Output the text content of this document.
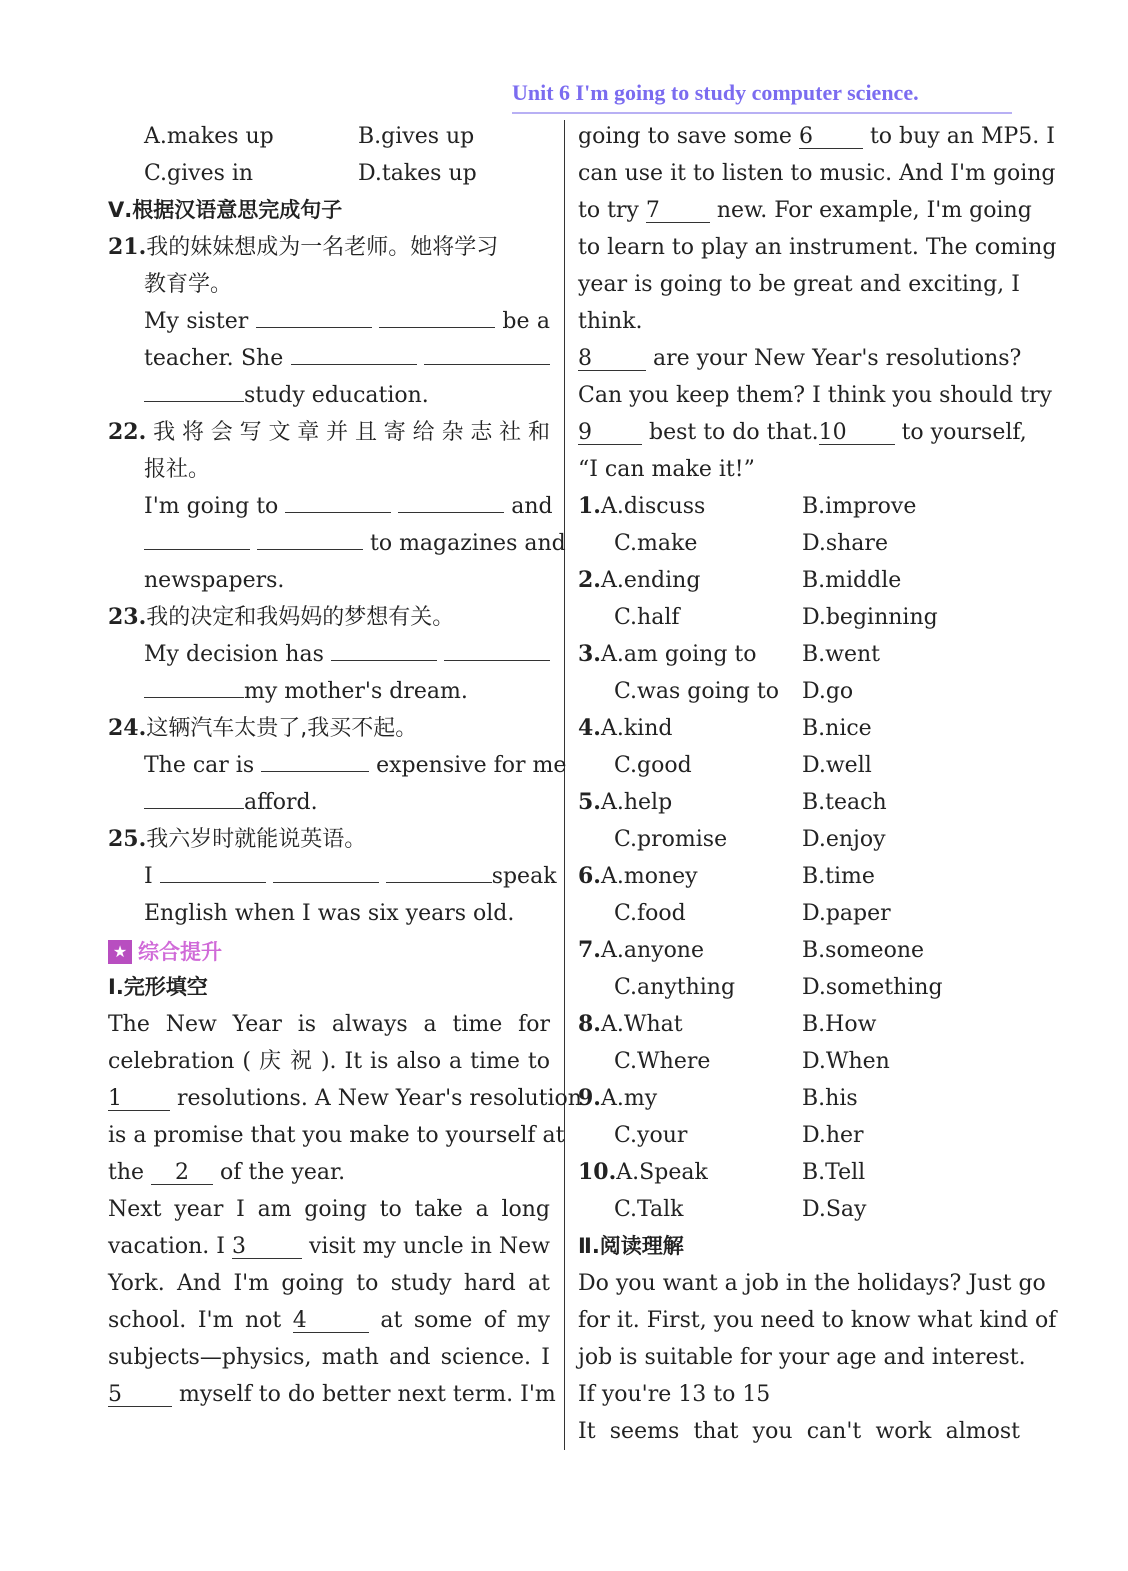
Unit 6 I'm going to study computer science.
A.makes up	B.gives up
C.gives in	D.takes up
Ⅴ.根据汉语意思完成句子
21.我的妹妹想成为一名老师。她将学习
教育学。
My sister	be a
teacher. She
study education.
22.我将会写文章并且寄给杂志社和
报社。
I'm going to	and
to magazines and
newspapers.
23.我的决定和我妈妈的梦想有关。
My decision has
my mother's dream.
24.这辆汽车太贵了,我买不起。
The car is	expensive for me
afford.
25.我六岁时就能说英语。
I	speak
English when I was six years old.
★ 综合提升
Ⅰ.完形填空
The New Year is always a time for
celebration ( 庆 祝 ). It is also a time to
1 resolutions. A New Year's resolution
is a promise that you make to yourself at
the 2 of the year.
Next year I am going to take a long
vacation. I 3	visit my uncle in New
York. And I'm going to study hard at
school. I'm not 4	at some of my
subjects—physics, math and science. I
5 myself to do better next term. I'm
going to save some 6 to buy an MP5. I
can use it to listen to music. And I'm going
to try 7 new. For example, I'm going
to learn to play an instrument. The coming
year is going to be great and exciting, I
think.
8 are your New Year's resolutions?
Can you keep them? I think you should try
9 best to do that.10 to yourself,
“I can make it!”
1.A.discuss	B.improve
C.make	D.share
2.A.ending	B.middle
C.half	D.beginning
3.A.am going to B.went
C.was going to D.go
4.A.kind	B.nice
C.good	D.well
5.A.help	B.teach
C.promise	D.enjoy
6.A.money	B.time
C.food	D.paper
7.A.anyone	B.someone
C.anything	D.something
8.A.What	B.How
C.Where	D.When
9.A.my	B.his
C.your	D.her
10.A.Speak	B.Tell
C.Talk	D.Say
Ⅱ.阅读理解
Do you want a job in the holidays? Just go
for it. First, you need to know what kind of
job is suitable for your age and interest.
If you're 13 to 15
It seems that you can't work almost
